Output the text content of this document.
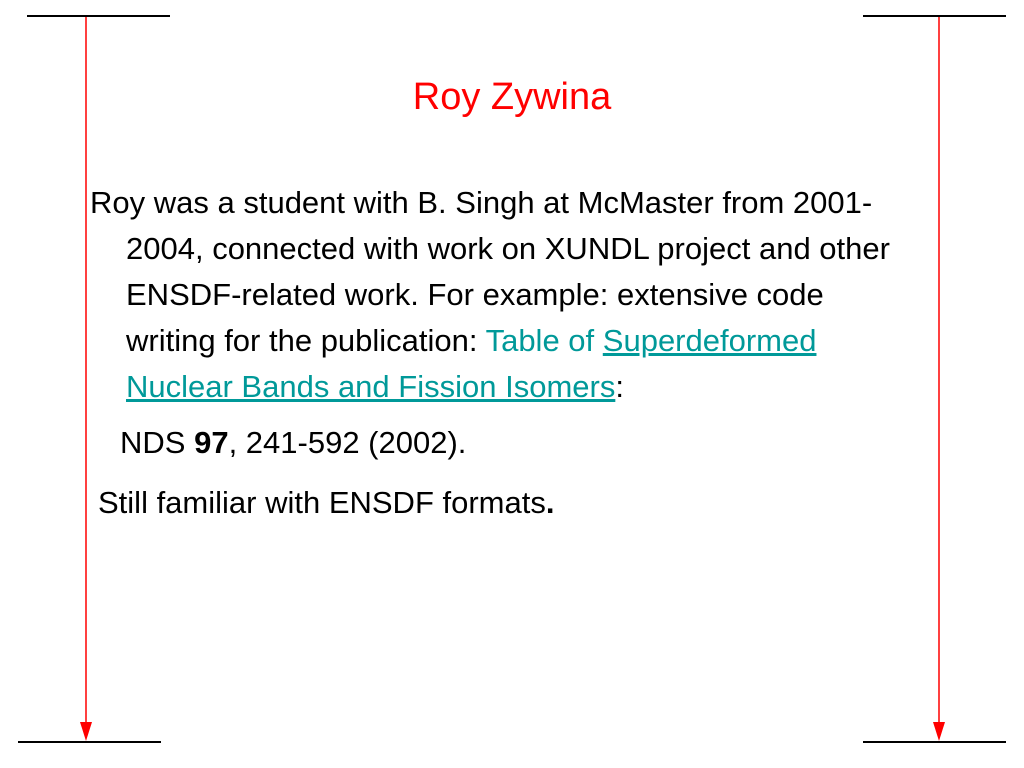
Roy Zywina

Roy was a student with B. Singh at McMaster from 2001-2004, connected with work on XUNDL project and other ENSDF-related work. For example: extensive code writing for the publication: Table of Superdeformed Nuclear Bands and Fission Isomers:

NDS 97, 241-592 (2002).

Still familiar with ENSDF formats.
